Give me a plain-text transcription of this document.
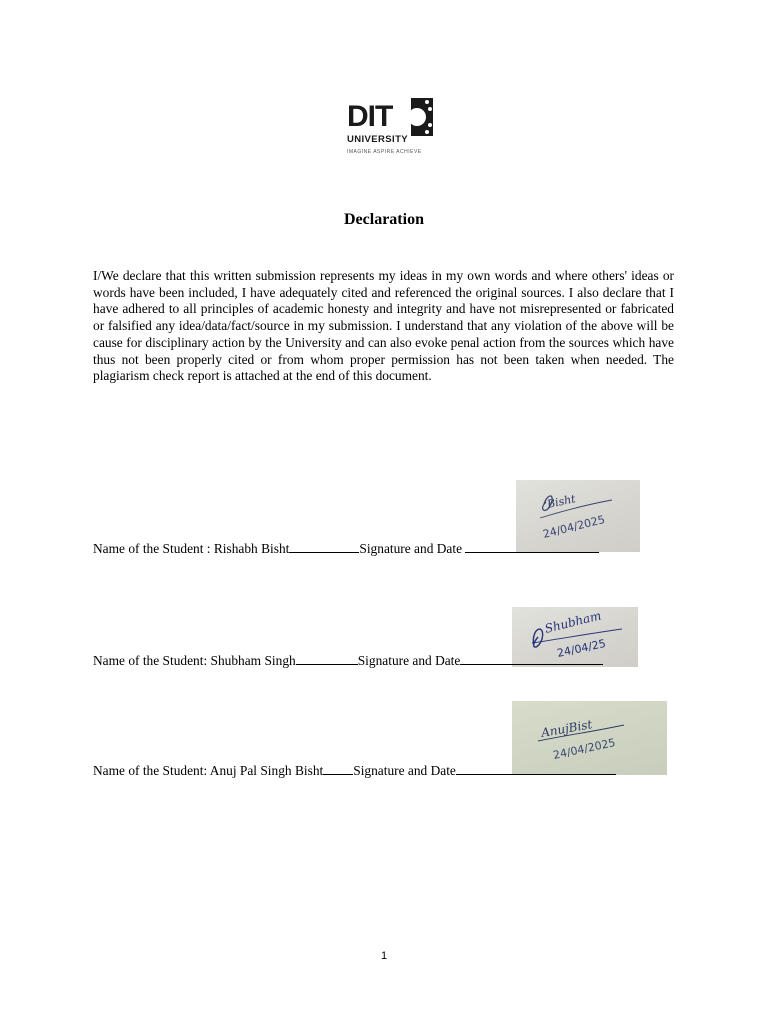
DIT
UNIVERSITY
IMAGINE ASPIRE ACHIEVE
Declaration

I/We declare that this written submission represents my ideas in my own words and where others' ideas or words have been included, I have adequately cited and referenced the original sources. I also declare that I have adhered to all principles of academic honesty and integrity and have not misrepresented or fabricated or falsified any idea/data/fact/source in my submission. I understand that any violation of the above will be cause for disciplinary action by the University and can also evoke penal action from the sources which have thus not been properly cited or from whom proper permission has not been taken when needed. The plagiarism check report is attached at the end of this document.

Bisht
24/04/2025
Name of the Student : Rishabh Bisht	Signature and Date
Shubham
24/04/25
Name of the Student: Shubham Singh	Signature and Date
AnujBist
24/04/2025
Name of the Student: Anuj Pal Singh Bisht Signature and Date
1
